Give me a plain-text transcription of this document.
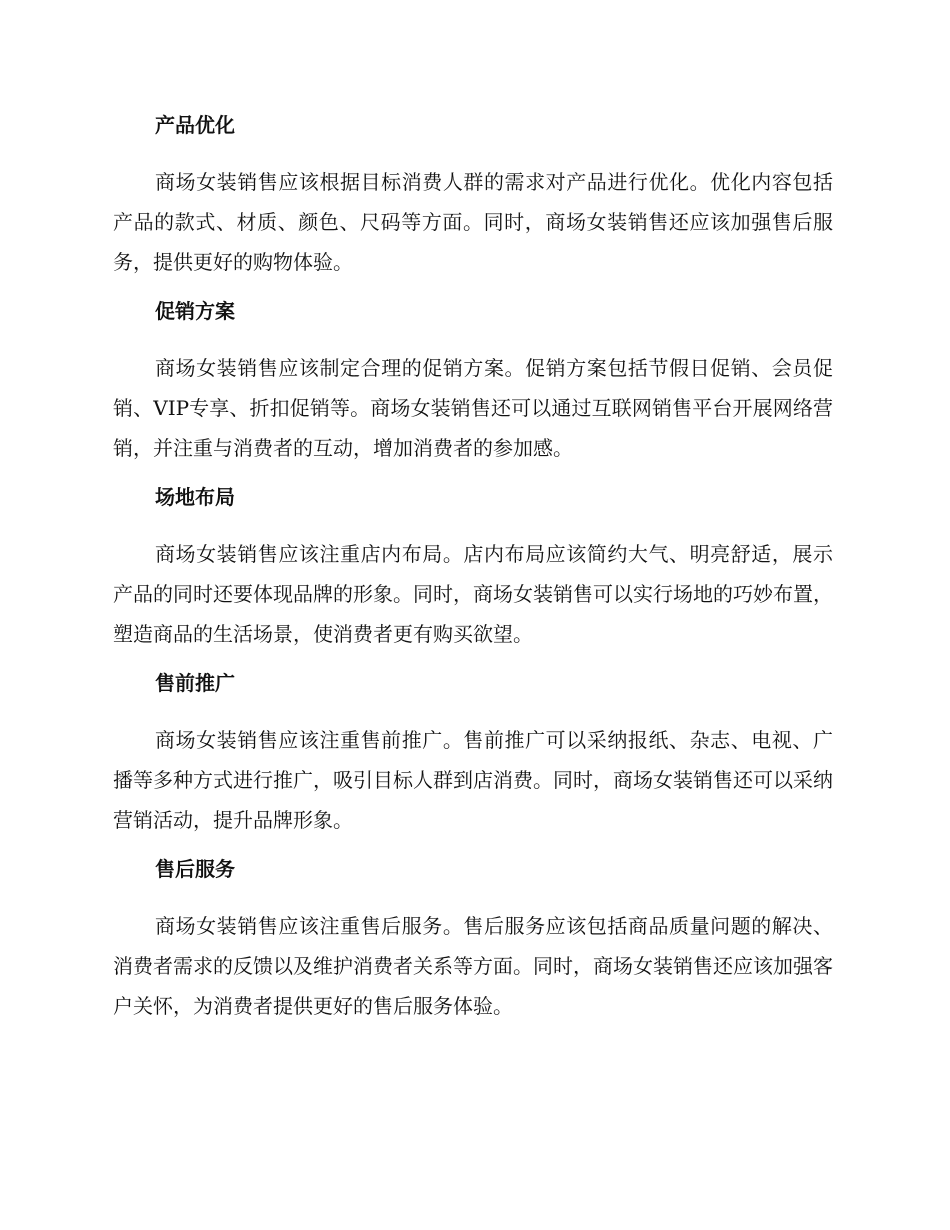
产品优化

商场女装销售应该根据目标消费人群的需求对产品进行优化。优化内容包括产品的款式、材质、颜色、尺码等方面。同时，商场女装销售还应该加强售后服务，提供更好的购物体验。

促销方案

商场女装销售应该制定合理的促销方案。促销方案包括节假日促销、会员促销、VIP专享、折扣促销等。商场女装销售还可以通过互联网销售平台开展网络营销，并注重与消费者的互动，增加消费者的参加感。

场地布局

商场女装销售应该注重店内布局。店内布局应该简约大气、明亮舒适，展示产品的同时还要体现品牌的形象。同时，商场女装销售可以实行场地的巧妙布置，塑造商品的生活场景，使消费者更有购买欲望。

售前推广

商场女装销售应该注重售前推广。售前推广可以采纳报纸、杂志、电视、广播等多种方式进行推广，吸引目标人群到店消费。同时，商场女装销售还可以采纳营销活动，提升品牌形象。

售后服务

商场女装销售应该注重售后服务。售后服务应该包括商品质量问题的解决、消费者需求的反馈以及维护消费者关系等方面。同时，商场女装销售还应该加强客户关怀，为消费者提供更好的售后服务体验。
